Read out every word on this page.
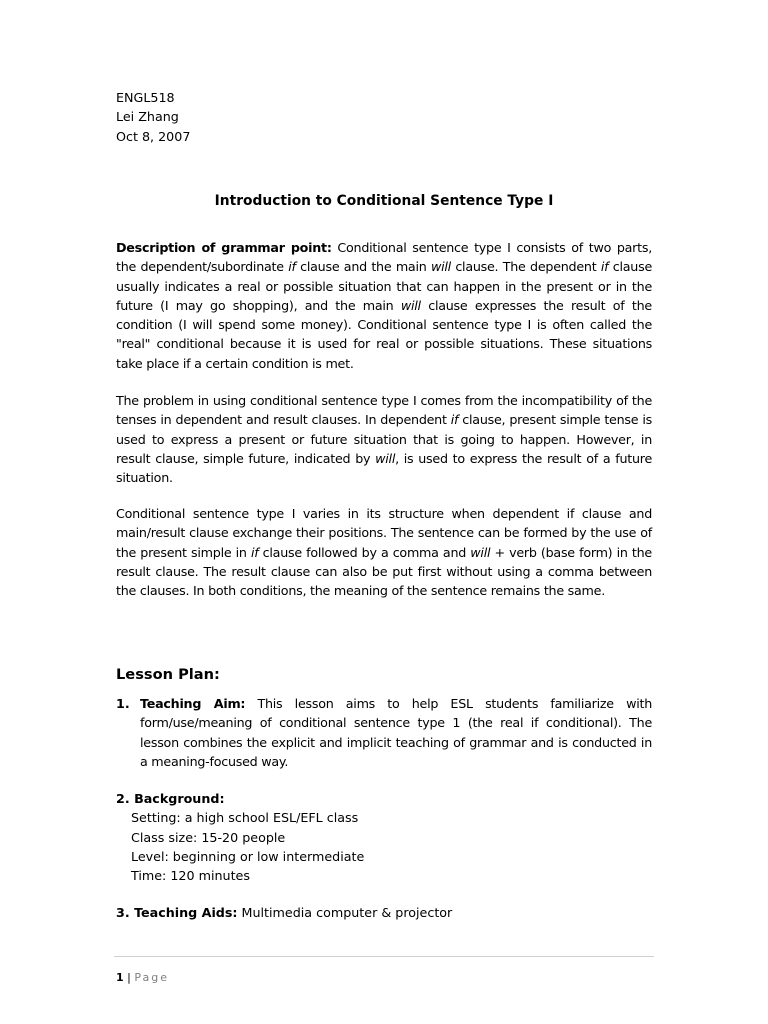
ENGL518
Lei Zhang
Oct 8, 2007
Introduction to Conditional Sentence Type I

Description of grammar point: Conditional sentence type I consists of two parts, the dependent/subordinate if clause and the main will clause. The dependent if clause usually indicates a real or possible situation that can happen in the present or in the future (I may go shopping), and the main will clause expresses the result of the condition (I will spend some money). Conditional sentence type I is often called the "real" conditional because it is used for real or possible situations. These situations take place if a certain condition is met.

The problem in using conditional sentence type I comes from the incompatibility of the tenses in dependent and result clauses. In dependent if clause, present simple tense is used to express a present or future situation that is going to happen. However, in result clause, simple future, indicated by will, is used to express the result of a future situation.

Conditional sentence type I varies in its structure when dependent if clause and main/result clause exchange their positions. The sentence can be formed by the use of the present simple in if clause followed by a comma and will + verb (base form) in the result clause. The result clause can also be put first without using a comma between the clauses. In both conditions, the meaning of the sentence remains the same.

Lesson Plan:
1. Teaching Aim: This lesson aims to help ESL students familiarize with form/use/meaning of conditional sentence type 1 (the real if conditional). The lesson combines the explicit and implicit teaching of grammar and is conducted in a meaning-focused way.
2. Background:
Setting: a high school ESL/EFL class
Class size: 15-20 people
Level: beginning or low intermediate
Time: 120 minutes
3. Teaching Aids: Multimedia computer & projector
1 | Page
